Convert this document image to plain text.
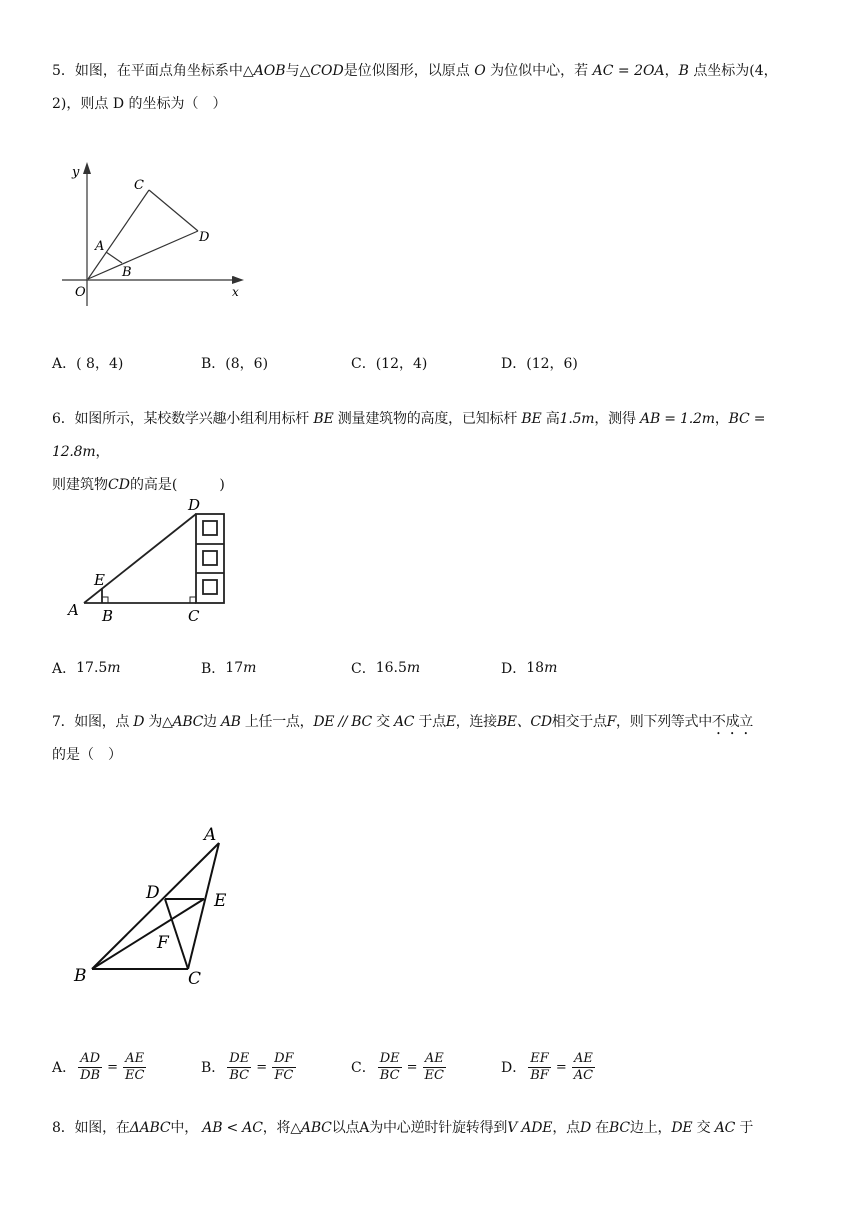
5．如图，在平面点角坐标系中△AOB与△COD是位似图形，以原点 O 为位似中心，若 AC = 2OA，B 点坐标为(4，

2)，则点 D 的坐标为（　）

y
x
O
A
B
C
D
A． ( 8，4)	B． (8，6)	C． (12，4)	D． (12，6)

6．如图所示，某校数学兴趣小组利用标杆 BE 测量建筑物的高度，已知标杆 BE 高1.5m，测得 AB = 1.2m，BC = 12.8m，

则建筑物CD的高是(　　　)

D
E
A B	C
A． 17.5 m	B． 17 m	C． 16.5 m	D． 18 m

7．如图，点 D 为△ABC边 AB 上任一点，DE // BC 交 AC 于点E，连接BE、CD相交于点F，则下列等式中不成立

的是（　）

A
D	E
F
B	C
A． $\frac{AD}{DB} = \frac{AE}{EC}$	B． $\frac{DE}{BC} = \frac{DF}{FC}$	C． $\frac{DE}{BC} = \frac{AE}{EC}$	D． $\frac{EF}{BF} = \frac{AE}{AC}$

8．如图，在ΔABC中， AB < AC，将△ABC以点A为中心逆时针旋转得到V ADE，点D 在BC边上，DE 交 AC 于
